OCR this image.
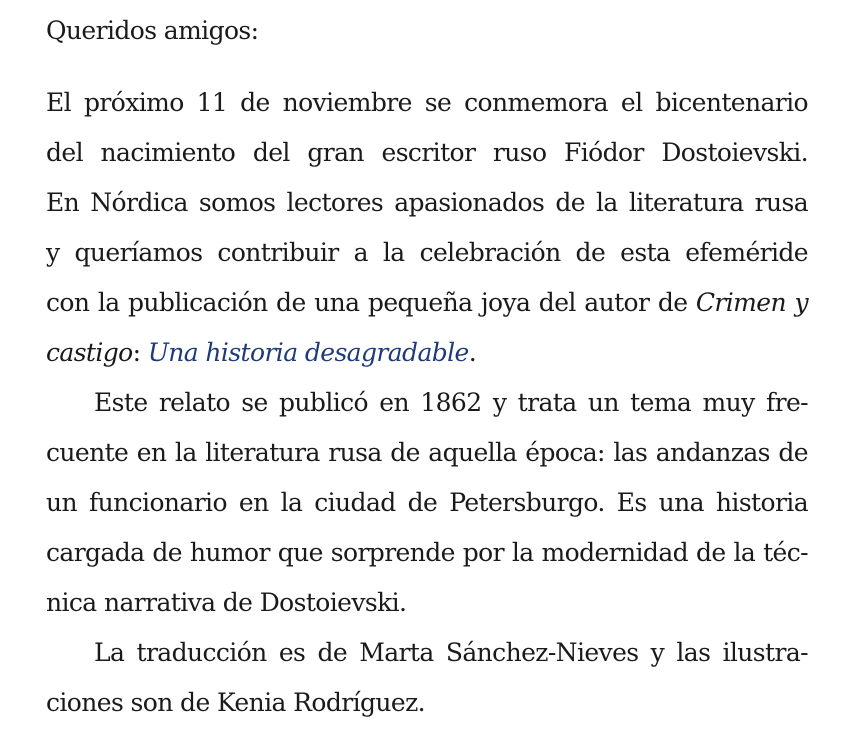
Queridos amigos:
El próximo 11 de noviembre se conmemora el bicentenario
del nacimiento del gran escritor ruso Fiódor Dostoievski.
En Nórdica somos lectores apasionados de la literatura rusa
y queríamos contribuir a la celebración de esta efeméride
con la publicación de una pequeña joya del autor de Crimen y
castigo: Una historia desagradable.
Este relato se publicó en 1862 y trata un tema muy fre-
cuente en la literatura rusa de aquella época: las andanzas de
un funcionario en la ciudad de Petersburgo. Es una historia
cargada de humor que sorprende por la modernidad de la téc-
nica narrativa de Dostoievski.
La traducción es de Marta Sánchez-Nieves y las ilustra-
ciones son de Kenia Rodríguez.
